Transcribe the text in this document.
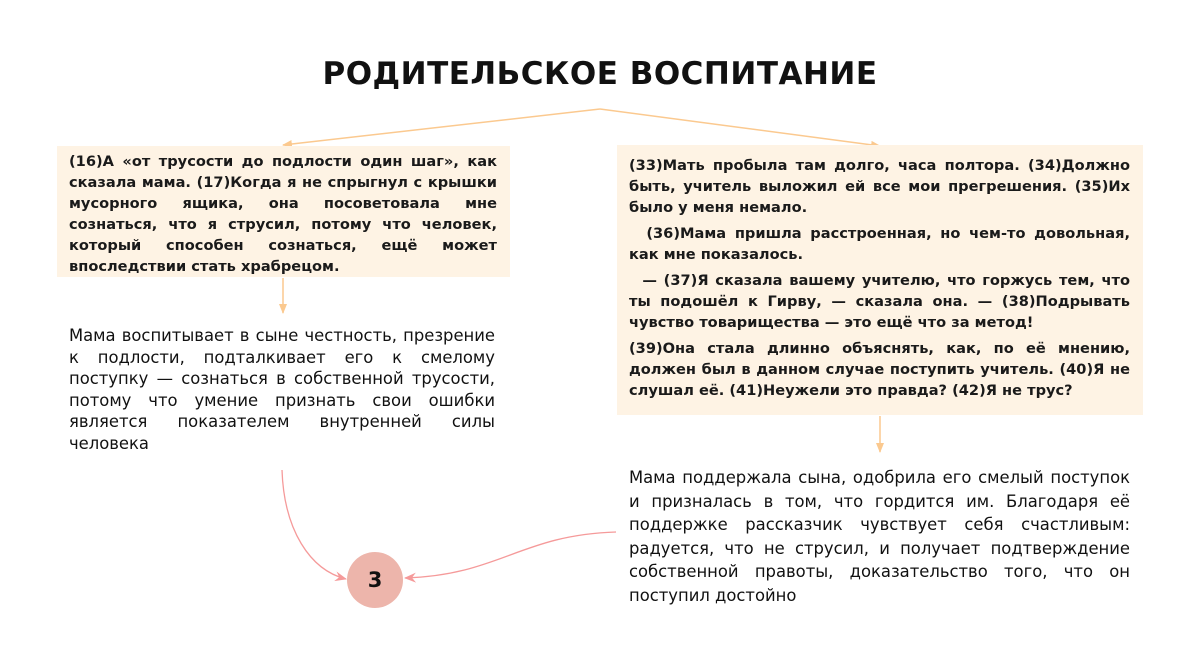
РОДИТЕЛЬСКОЕ ВОСПИТАНИЕ
(16)А «от трусости до подлости один шаг», как сказала мама. (17)Когда я не спрыгнул с крышки мусорного ящика, она посоветовала мне сознаться, что я струсил, потому что человек, который способен сознаться, ещё может впоследствии стать храбрецом.

(33)Мать пробыла там долго, часа полтора. (34)Должно быть, учитель выложил ей все мои прегрешения. (35)Их было у меня немало.

(36)Мама пришла расстроенная, но чем-то довольная, как мне показалось.

— (37)Я сказала вашему учителю, что горжусь тем, что ты подошёл к Гирву, — сказала она. — (38)Подрывать чувство товарищества — это ещё что за метод!

(39)Она стала длинно объяснять, как, по её мнению, должен был в данном случае поступить учитель. (40)Я не слушал её. (41)Неужели это правда? (42)Я не трус?

Мама воспитывает в сыне честность, презрение к подлости, подталкивает его к смелому поступку — сознаться в собственной трусости, потому что умение признать свои ошибки является показателем внутренней силы человека
Мама поддержала сына, одобрила его смелый поступок и призналась в том, что гордится им. Благодаря её поддержке рассказчик чувствует себя счастливым: радуется, что не струсил, и получает подтверждение собственной правоты, доказательство того, что он поступил достойно
3
